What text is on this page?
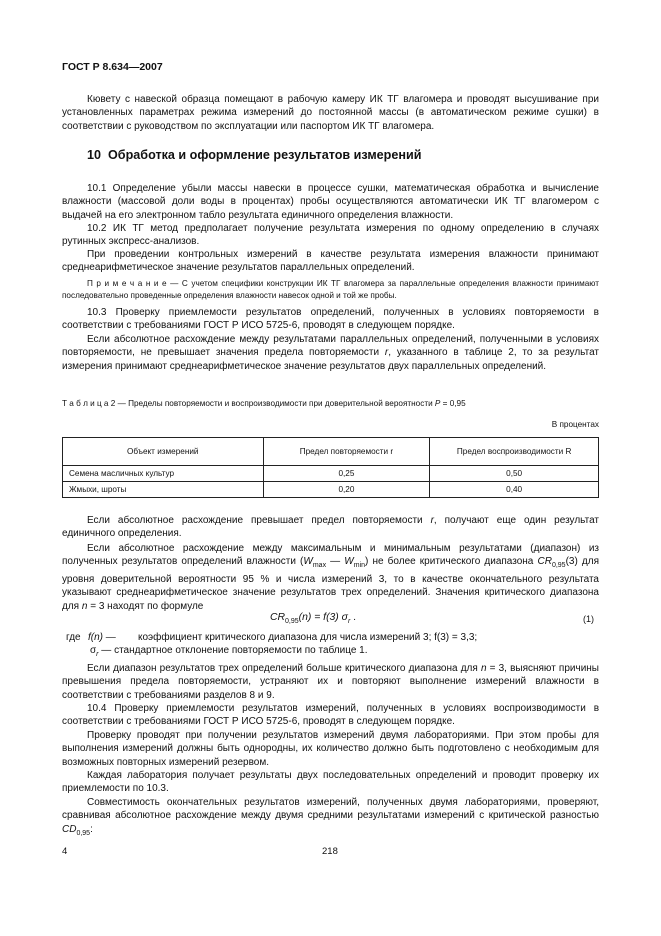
ГОСТ Р 8.634—2007

Кювету с навеской образца помещают в рабочую камеру ИК ТГ влагомера и проводят высушивание при установленных параметрах режима измерений до постоянной массы (в автоматическом режиме сушки) в соответствии с руководством по эксплуатации или паспортом ИК ТГ влагомера.

10 Обработка и оформление результатов измерений

10.1 Определение убыли массы навески в процессе сушки, математическая обработка и вычисление влажности (массовой доли воды в процентах) пробы осуществляются автоматически ИК ТГ влагомером с выдачей на его электронном табло результата единичного определения влажности.

10.2 ИК ТГ метод предполагает получение результата измерения по одному определению в случаях рутинных экспресс-анализов.

При проведении контрольных измерений в качестве результата измерения влажности принимают среднеарифметическое значение результатов параллельных определений.

П р и м е ч а н и е — С учетом специфики конструкции ИК ТГ влагомера за параллельные определения влажности принимают последовательно проведенные определения влажности навесок одной и той же пробы.

10.3 Проверку приемлемости результатов определений, полученных в условиях повторяемости в соответствии с требованиями ГОСТ Р ИСО 5725-6, проводят в следующем порядке.

Если абсолютное расхождение между результатами параллельных определений, полученными в условиях повторяемости, не превышает значения предела повторяемости r, указанного в таблице 2, то за результат измерения принимают среднеарифметическое значение результатов двух параллельных определений.

Т а б л и ц а 2 — Пределы повторяемости и воспроизводимости при доверительной вероятности P = 0,95
В процентах
Объект измерений	Предел повторяемости r	Предел воспроизводимости R
Семена масличных культур	0,25	0,50
Жмыхи, шроты	0,20	0,40

Если абсолютное расхождение превышает предел повторяемости r, получают еще один результат единичного определения.

Если абсолютное расхождение между максимальным и минимальным результатами (диапазон) из полученных результатов определений влажности ($W_{max}$ — $W_{min}$) не более критического диапазона $CR_{0,95}(3)$ для уровня доверительной вероятности 95 % и числа измерений 3, то в качестве окончательного результата указывают среднеарифметическое значение результатов трех определений. Значения критического диапазона для n = 3 находят по формуле

$CR_{0,95}(n) = f(3)$ $\sigma_r$ .	(1)
где f(n) — коэффициент критического диапазона для числа измерений 3; f(3) = 3,3;
$\sigma_r$ — стандартное отклонение повторяемости по таблице 1.

Если диапазон результатов трех определений больше критического диапазона для n = 3, выясняют причины превышения предела повторяемости, устраняют их и повторяют выполнение измерений влажности в соответствии с требованиями разделов 8 и 9.

10.4 Проверку приемлемости результатов измерений, полученных в условиях воспроизводимости в соответствии с требованиями ГОСТ Р ИСО 5725-6, проводят в следующем порядке.

Проверку проводят при получении результатов измерений двумя лабораториями. При этом пробы для выполнения измерений должны быть однородны, их количество должно быть подготовлено с необходимым для возможных повторных измерений резервом.

Каждая лаборатория получает результаты двух последовательных определений и проводит проверку их приемлемости по 10.3.

Совместимость окончательных результатов измерений, полученных двумя лабораториями, проверяют, сравнивая абсолютное расхождение между двумя средними результатами измерений с критической разностью $CD_{0,95}$:

4	218
